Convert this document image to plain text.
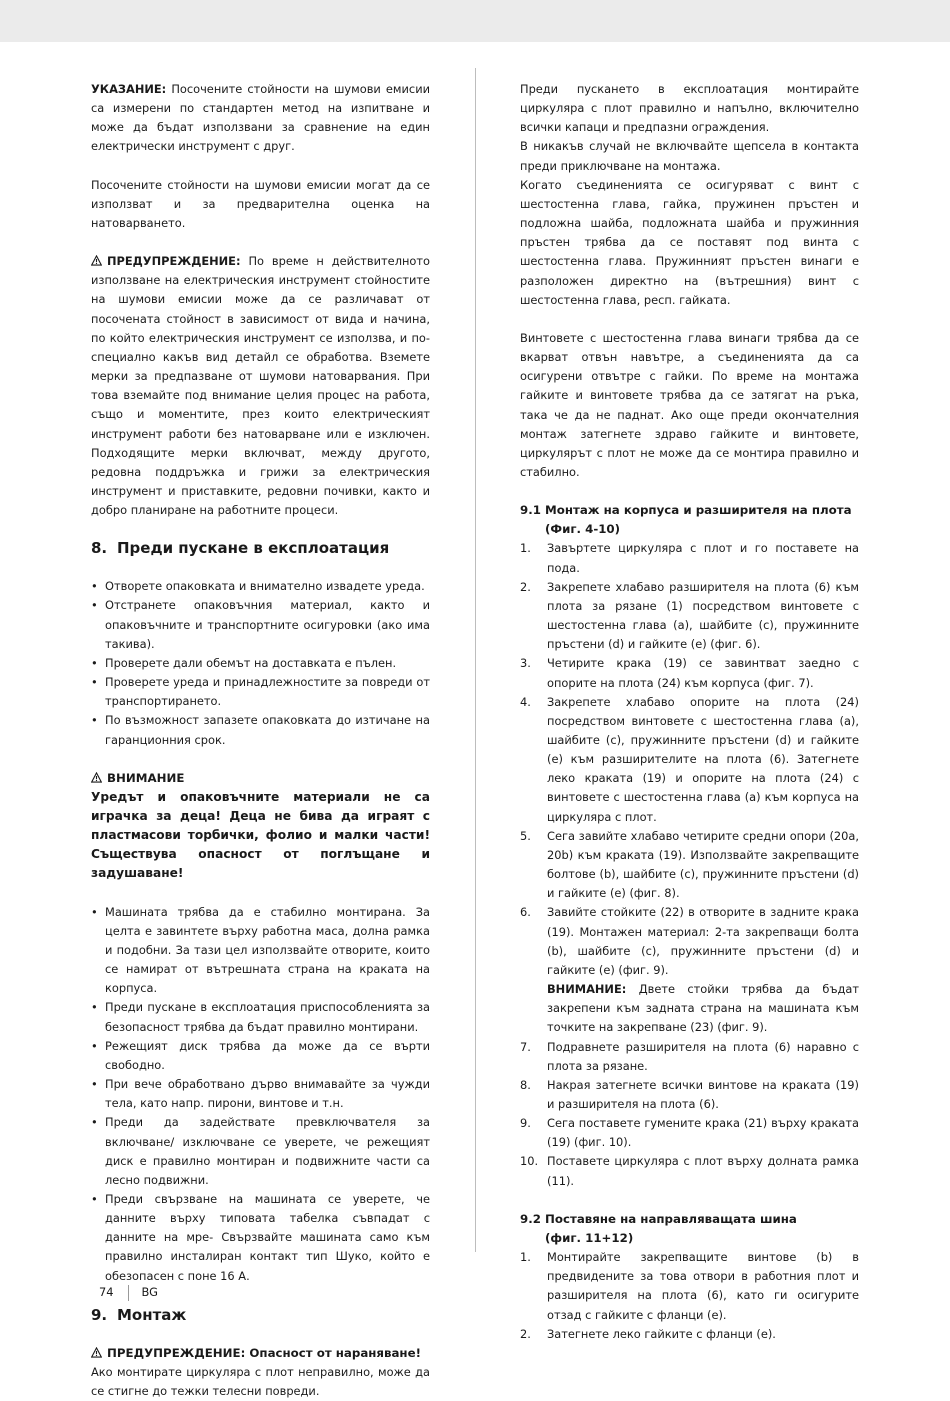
УКАЗАНИЕ: Посочените стойности на шумови емисии са измерени по стандартен метод на изпитване и може да бъдат използвани за сравнение на един електрически инструмент с друг.

Посочените стойности на шумови емисии могат да се използват и за предварителна оценка на натоварването.

ПРЕДУПРЕЖДЕНИЕ: По време н действителното използване на електрическия инструмент стойностите на шумови емисии може да се различават от посочената стойност в зависимост от вида и начина, по който електрическия инструмент се използва, и по-специално какъв вид детайл се обработва. Вземете мерки за предпазване от шумови натоварвания. При това вземайте под внимание целия процес на работа, също и моментите, през които електрическият инструмент работи без натоварване или е изключен. Подходящите мерки включват, между другото, редовна поддръжка и грижи за електрическия инструмент и приставките, редовни почивки, както и добро планиране на работните процеси.

8. Преди пускане в експлоатация
• Отворете опаковката и внимателно извадете уреда.
• Отстранете опаковъчния материал, както и опаковъчните и транспортните осигуровки (ако има такива).
• Проверете дали обемът на доставката е пълен.
• Проверете уреда и принадлежностите за повреди от транспортирането.
• По възможност запазете опаковката до изтичане на гаранционния срок.
ВНИМАНИЕ

Уредът и опаковъчните материали не са играчка за деца! Деца не бива да играят с пластмасови торбички, фолио и малки части! Съществува опасност от поглъщане и задушаване!

• Машината трябва да е стабилно монтирана. За целта е завинтете върху работна маса, долна рамка и подобни. За тази цел използвайте отворите, които се намират от вътрешната страна на краката на корпуса.
• Преди пускане в експлоатация приспособленията за безопасност трябва да бъдат правилно монтирани.
• Режещият диск трябва да може да се върти свободно.
• При вече обработвано дърво внимавайте за чужди тела, като напр. пирони, винтове и т.н.
• Преди да задействате превключвателя за включване/ изключване се уверете, че режещият диск е правилно монтиран и подвижните части са лесно подвижни.
• Преди свързване на машината се уверете, че данните върху типовата табелка съвпадат с данните на мре- Свързвайте машината само към правилно инсталиран контакт тип Шуко, който е обезопасен с поне 16 А.
9. Монтаж
ПРЕДУПРЕЖДЕНИЕ: Опасност от нараняване!

Ако монтирате циркуляра с плот неправилно, може да се стигне до тежки телесни повреди.

Преди пускането в експлоатация монтирайте циркуляра с плот правилно и напълно, включително всички капаци и предпазни ограждения.

В никакъв случай не включвайте щепсела в контакта преди приключване на монтажа.

Когато съединенията се осигуряват с винт с шестостенна глава, гайка, пружинен пръстен и подложна шайба, подложната шайба и пружинния пръстен трябва да се поставят под винта с шестостенна глава. Пружинният пръстен винаги е разположен директно на (вътрешния) винт с шестостенна глава, респ. гайката.

Винтовете с шестостенна глава винаги трябва да се вкарват отвън навътре, а съединенията да са осигурени отвътре с гайки. По време на монтажа гайките и винтовете трябва да се затягат на ръка, така че да не паднат. Ако още преди окончателния монтаж затегнете здраво гайките и винтовете, циркулярът с плот не може да се монтира правилно и стабилно.

9.1 Монтаж на корпуса и разширителя на плота
(Фиг. 4-10)
1. Завъртете циркуляра с плот и го поставете на пода.
2. Закрепете хлабаво разширителя на плота (6) към плота за рязане (1) посредством винтовете с шестостенна глава (a), шайбите (c), пружинните пръстени (d) и гайките (e) (фиг. 6).
3. Четирите крака (19) се завинтват заедно с опорите на плота (24) към корпуса (фиг. 7).
4. Закрепете хлабаво опорите на плота (24) посредством винтовете с шестостенна глава (a), шайбите (c), пружинните пръстени (d) и гайките (e) към разширителите на плота (6). Затегнете леко краката (19) и опорите на плота (24) с винтовете с шестостенна глава (a) към корпуса на циркуляра с плот.
5. Сега завийте хлабаво четирите средни опори (20a, 20b) към краката (19). Използвайте закрепващите болтове (b), шайбите (c), пружинните пръстени (d) и гайките (e) (фиг. 8).
6. Завийте стойките (22) в отворите в задните крака (19). Монтажен материал: 2-та закрепващи болта (b), шайбите (c), пружинните пръстени (d) и гайките (e) (фиг. 9).
ВНИМАНИЕ: Двете стойки трябва да бъдат закрепени към задната страна на машината към точките на закрепване (23) (фиг. 9).
7. Подравнете разширителя на плота (6) наравно с плота за рязане.
8. Накрая затегнете всички винтове на краката (19) и разширителя на плота (6).
9. Сега поставете гумените крака (21) върху краката (19) (фиг. 10).
10. Поставете циркуляра с плот върху долната рамка (11).
9.2 Поставяне на направляващата шина
(фиг. 11+12)
1. Монтирайте закрепващите винтове (b) в предвидените за това отвори в работния плот и разширителя на плота (6), като ги осигурите отзад с гайките с фланци (e).
2. Затегнете леко гайките с фланци (e).
74 BG
